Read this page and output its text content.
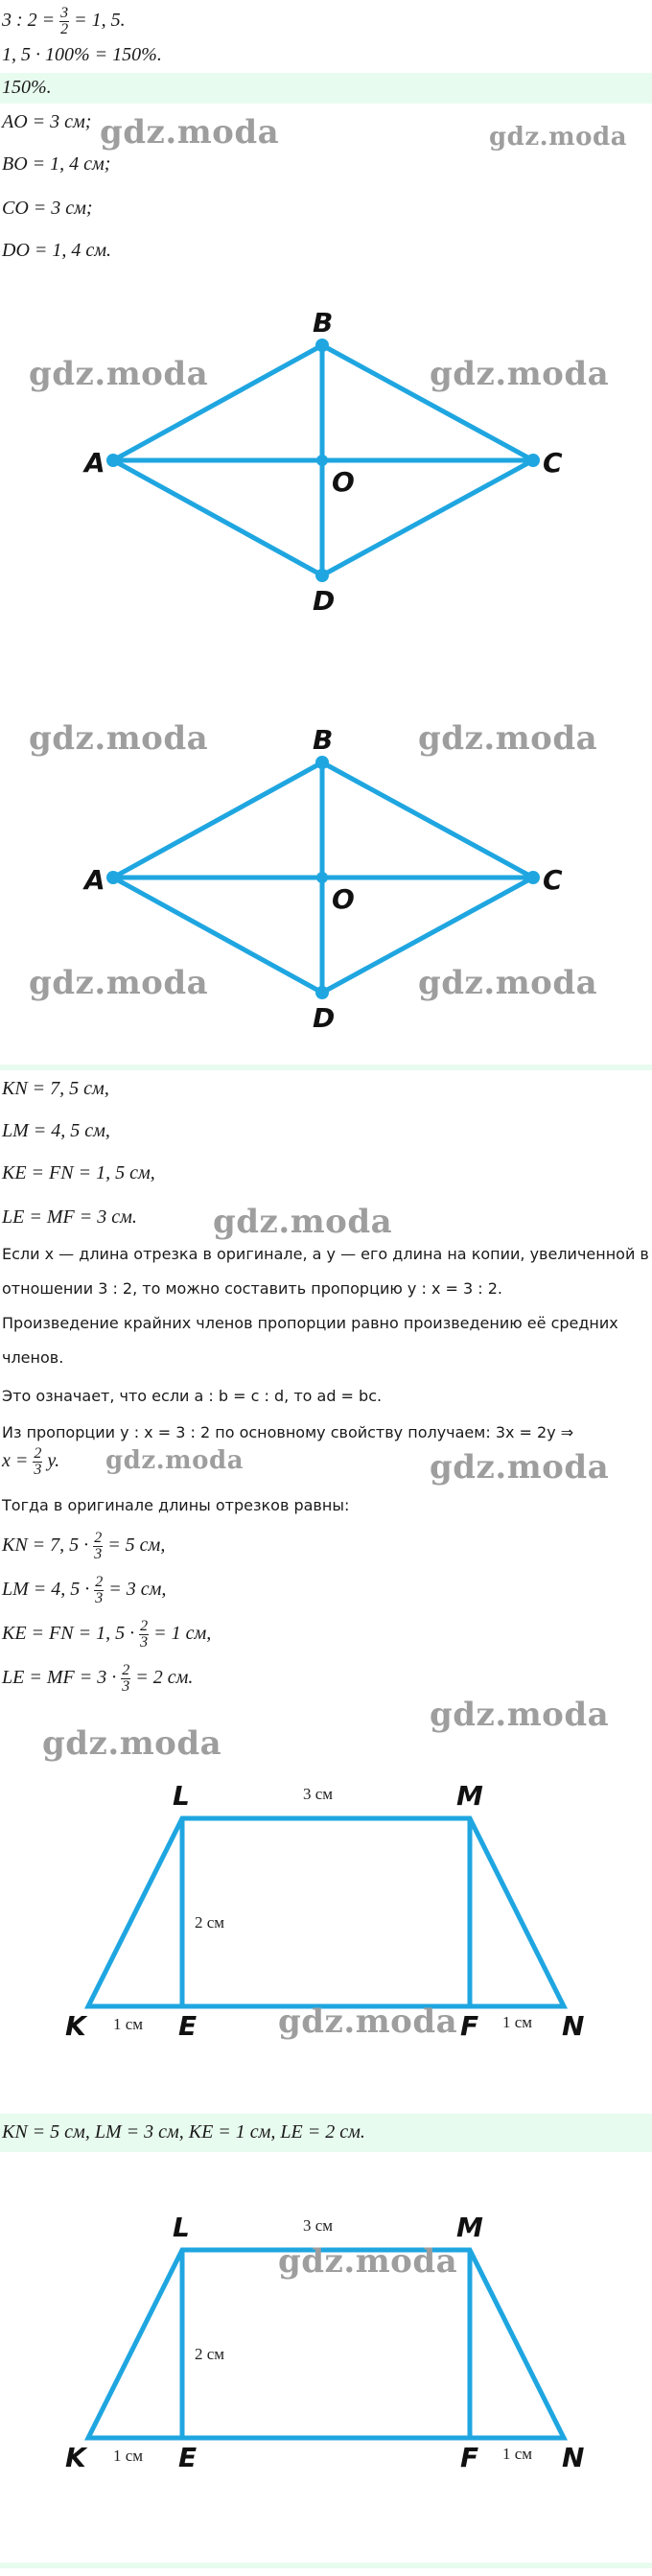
3 : $2 = \frac{3}{2} = 1$, 5.
1, 5 · 100% = 150%.
150%.
AO = 3 см;
BO = 1, 4 см;
CO = 3 см;
DO = 1, 4 см.
gdz.moda	gdz.moda
A
B
C
D
O
gdz.moda	gdz.moda
A
B
C
D
O
gdz.moda	gdz.moda
gdz.moda	gdz.moda
KN = 7, 5 см,
LM = 4, 5 см,
KE = FN = 1, 5 см,
LE = MF = 3 см. gdz.moda
Если x — длина отрезка в оригинале, а y — его длина на копии, увеличенной в
отношении 3 : 2, то можно составить пропорцию y : x = 3 : 2.
Произведение крайних членов пропорции равно произведению её средних
членов.
Это означает, что если a : b = c : d, то ad = bc.
Из пропорции y : x = 3 : 2 по основному свойству получаем: 3x = 2y ⇒
$x = \frac{2}{3} y$. gdz.moda	gdz.moda
Тогда в оригинале длины отрезков равны:
KN = 7, $5 \cdot \frac{2}{3} = 5$ см,
LM = 4, $5 \cdot \frac{2}{3} = 3$ см,
KE = FN = 1, $5 \cdot \frac{2}{3} = 1$ см,
LE = MF = $3 \cdot \frac{2}{3} = 2$ см.
gdz.moda
gdz.moda
L	M
K	E	F	N
3 см
2 см
1 см	1 см
gdz.moda
KN = 5 см, LM = 3 см, KE = 1 см, LE = 2 см.
L	M
K	E	F	N
3 см
2 см
1 см	1 см
gdz.moda
